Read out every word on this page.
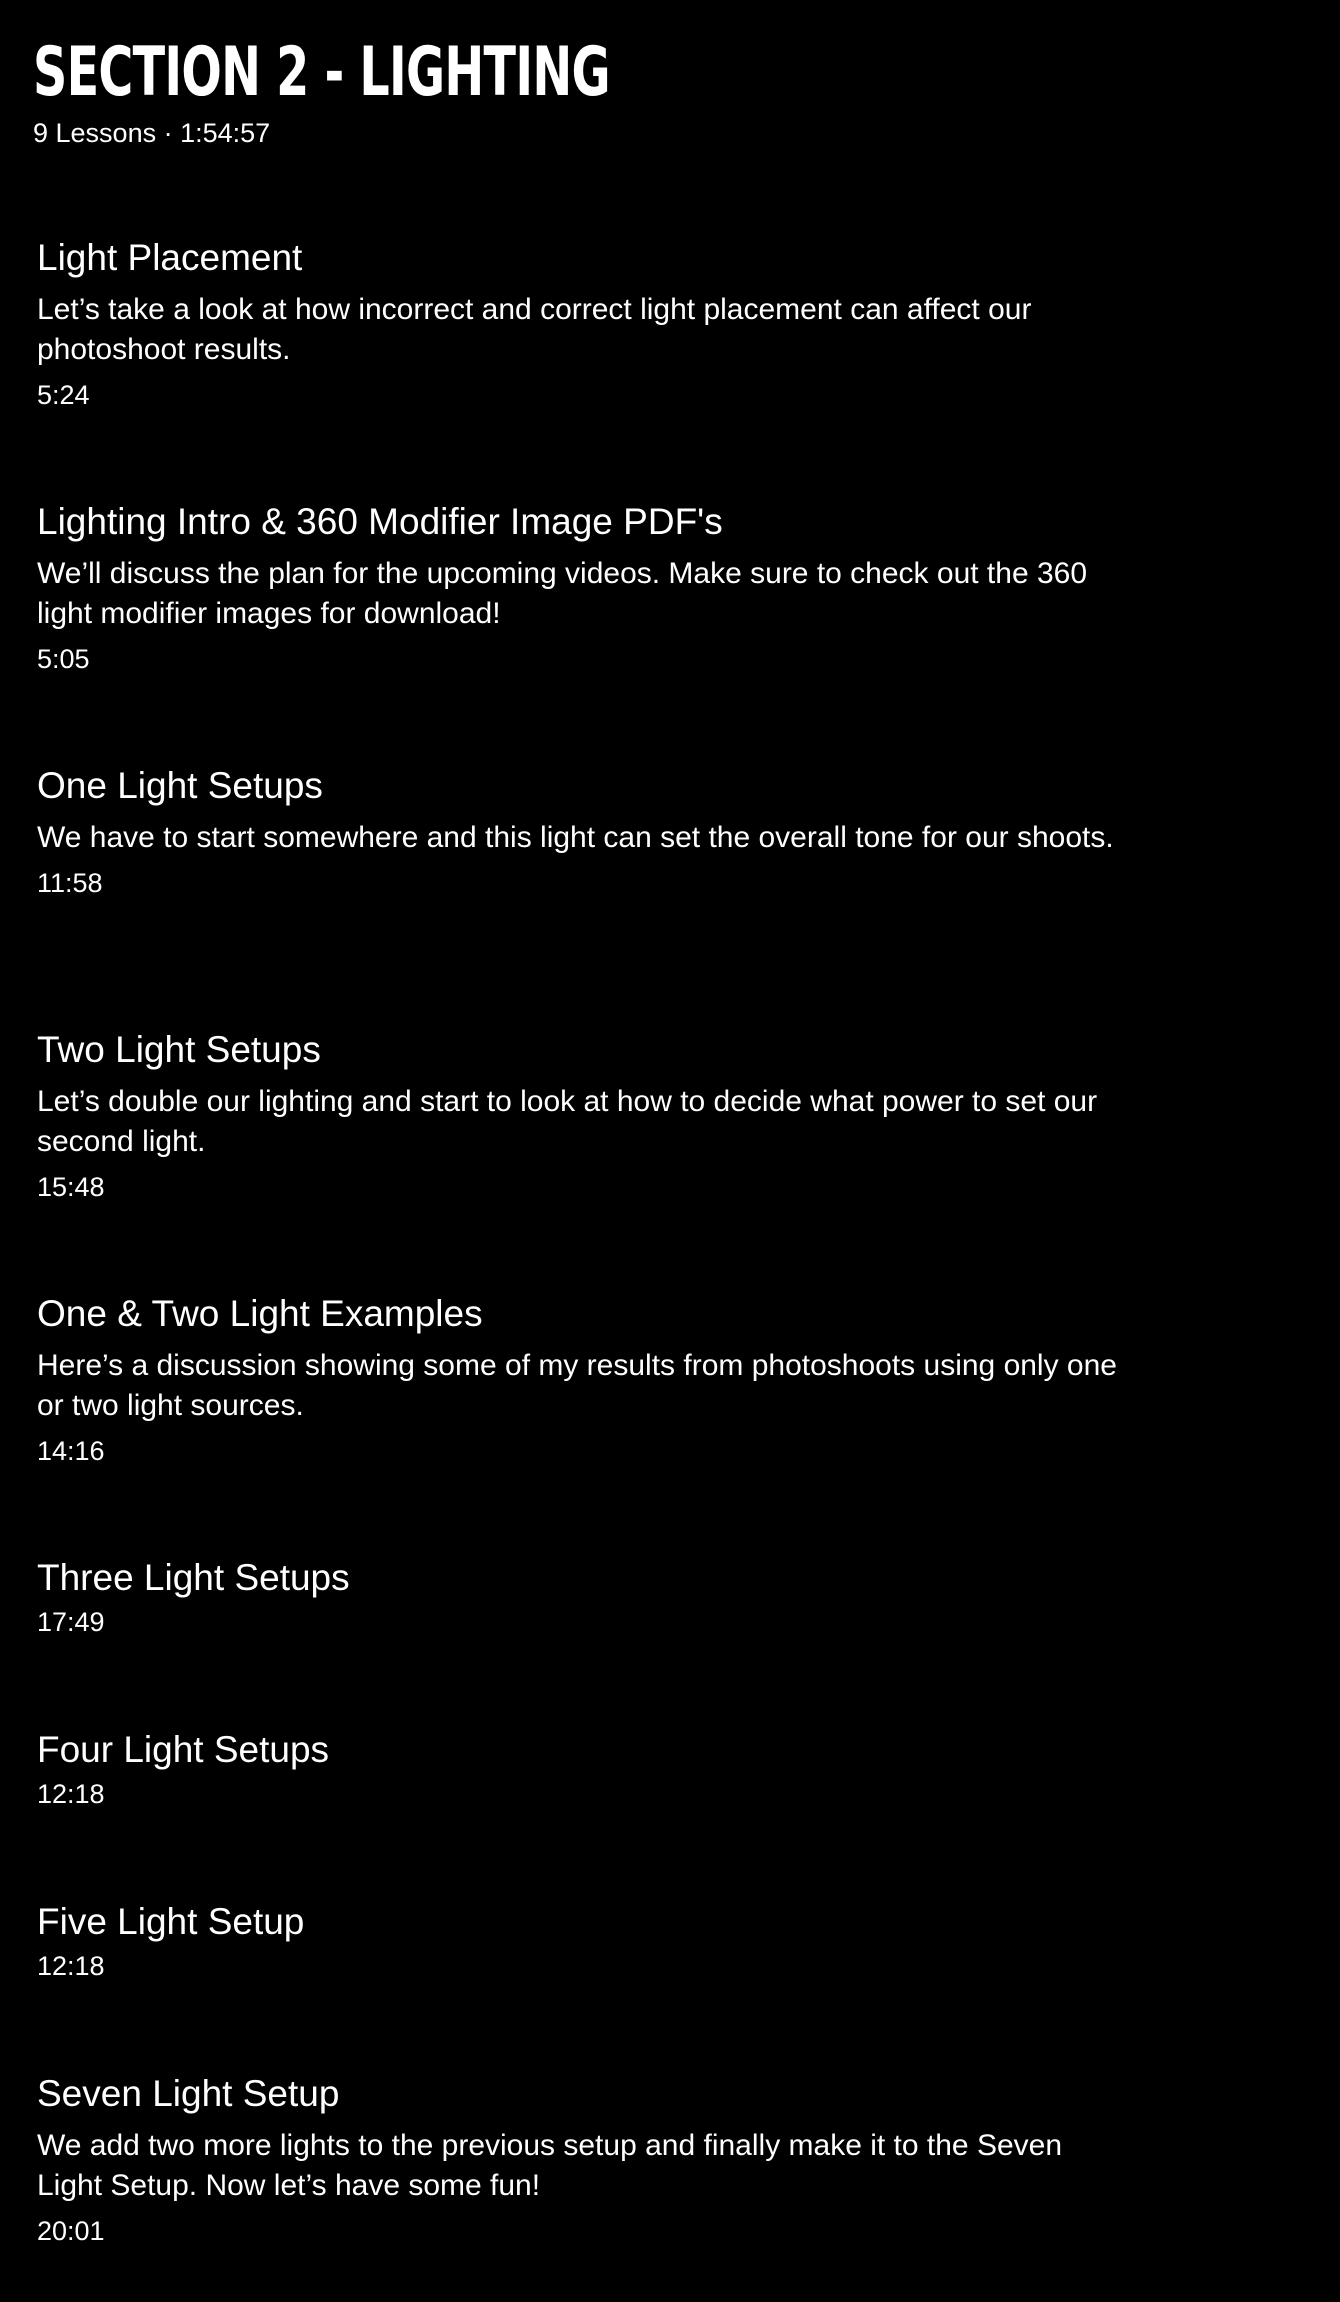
SECTION 2 - LIGHTING
9 Lessons · 1:54:57
Light Placement

Let’s take a look at how incorrect and correct light placement can affect our photoshoot results.

5:24
Lighting Intro & 360 Modifier Image PDF's

We’ll discuss the plan for the upcoming videos. Make sure to check out the 360 light modifier images for download!

5:05
One Light Setups

We have to start somewhere and this light can set the overall tone for our shoots.

11:58
Two Light Setups

Let’s double our lighting and start to look at how to decide what power to set our second light.

15:48
One & Two Light Examples

Here’s a discussion showing some of my results from photoshoots using only one or two light sources.

14:16
Three Light Setups
17:49
Four Light Setups
12:18
Five Light Setup
12:18
Seven Light Setup

We add two more lights to the previous setup and finally make it to the Seven Light Setup. Now let’s have some fun!

20:01
